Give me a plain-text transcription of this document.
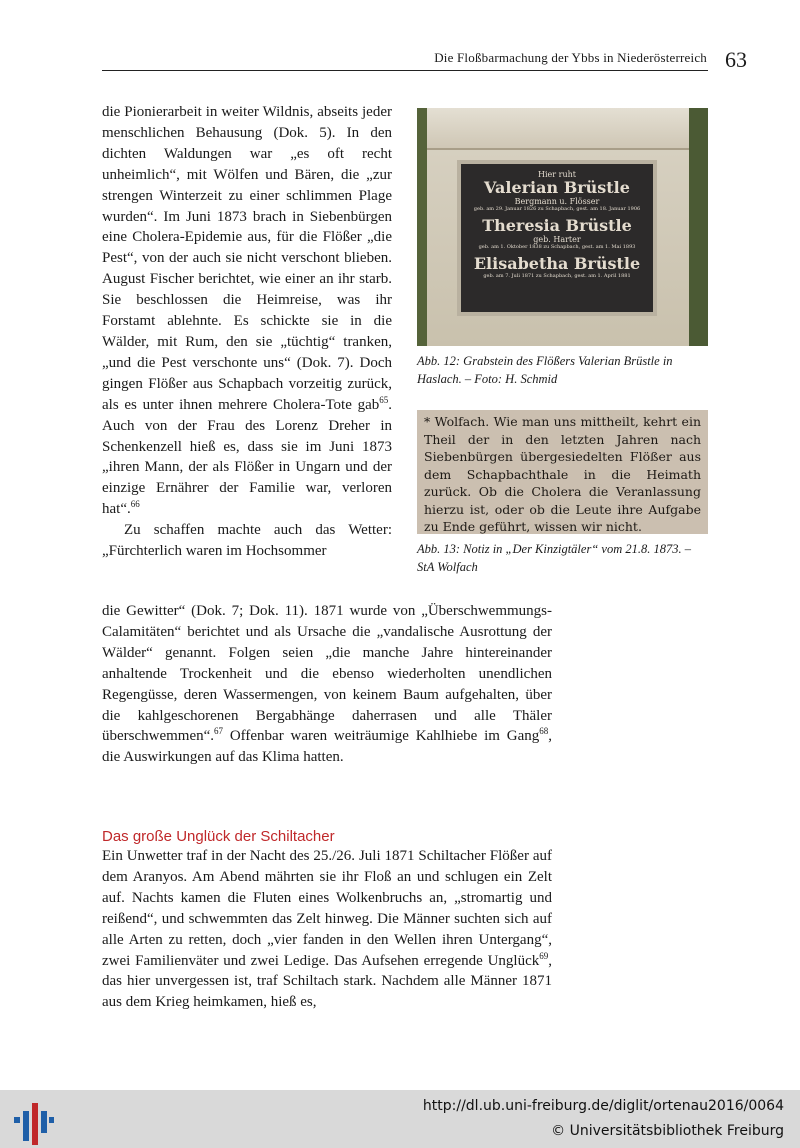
Die Floßbarmachung der Ybbs in Niederösterreich 63

die Pionierarbeit in weiter Wildnis, abseits jeder menschlichen Behausung (Dok. 5). In den dichten Waldungen war „es oft recht unheimlich“, mit Wölfen und Bären, die „zur strengen Winterzeit zu einer schlimmen Plage wurden“. Im Juni 1873 brach in Siebenbürgen eine Cholera-Epidemie aus, für die Flößer „die Pest“, von der auch sie nicht verschont blieben. August Fischer berichtet, wie einer an ihr starb. Sie beschlossen die Heimreise, was ihr Forstamt ablehnte. Es schickte sie in die Wälder, mit Rum, den sie „tüchtig“ tranken, „und die Pest verschonte uns“ (Dok. 7). Doch gingen Flößer aus Schapbach vorzeitig zurück, als es unter ihnen mehrere Cholera-Tote gab$^{65}$. Auch von der Frau des Lorenz Dreher in Schenkenzell hieß es, dass sie im Juni 1873 „ihren Mann, der als Flößer in Ungarn und der einzige Ernährer der Familie war, verloren hat“.$^{66}$

Zu schaffen machte auch das Wetter: „Fürchterlich waren im Hochsommer

die Gewitter“ (Dok. 7; Dok. 11). 1871 wurde von „Überschwemmungs-Calamitäten“ berichtet und als Ursache die „vandalische Ausrottung der Wälder“ genannt. Folgen seien „die manche Jahre hintereinander anhaltende Trockenheit und die ebenso wiederholten unendlichen Regengüsse, deren Wassermengen, von keinem Baum aufgehalten, über die kahlgeschorenen Bergabhänge daherrasen und alle Thäler überschwemmen“.$^{67}$ Offenbar waren weiträumige Kahlhiebe im Gang$^{68}$, die Auswirkungen auf das Klima hatten.

Das große Unglück der Schiltacher

Ein Unwetter traf in der Nacht des 25./26. Juli 1871 Schiltacher Flößer auf dem Aranyos. Am Abend mährten sie ihr Floß an und schlugen ein Zelt auf. Nachts kamen die Fluten eines Wolkenbruchs an, „stromartig und reißend“, und schwemmten das Zelt hinweg. Die Männer suchten sich auf alle Arten zu retten, doch „vier fanden in den Wellen ihren Untergang“, zwei Familienväter und zwei Ledige. Das Aufsehen erregende Unglück$^{69}$, das hier unvergessen ist, traf Schiltach stark. Nachdem alle Männer 1871 aus dem Krieg heimkamen, hieß es,

Hier ruht
Valerian Brüstle
Bergmann u. Flösser
geb. am 29. Januar 1826 zu Schapbach, gest. am 18. Januar 1906
Theresia Brüstle
geb. Harter
geb. am 1. Oktober 1838 zu Schapbach, gest. am 1. Mai 1893
Elisabetha Brüstle
geb. am 7. Juli 1871 zu Schapbach, gest. am 1. April 1881
Abb. 12: Grabstein des Flößers Valerian Brüstle in Haslach. – Foto: H. Schmid

* Wolfach. Wie man uns mittheilt, kehrt ein Theil der in den letzten Jahren nach Siebenbürgen übergesiedelten Flößer aus dem Schapbachthale in die Heimath zurück. Ob die Cholera die Veranlassung hierzu ist, oder ob die Leute ihre Aufgabe zu Ende geführt, wissen wir nicht.

Abb. 13: Notiz in „Der Kinzigtäler“ vom 21.8. 1873. – StA Wolfach
http://dl.ub.uni-freiburg.de/diglit/ortenau2016/0064
© Universitätsbibliothek Freiburg
